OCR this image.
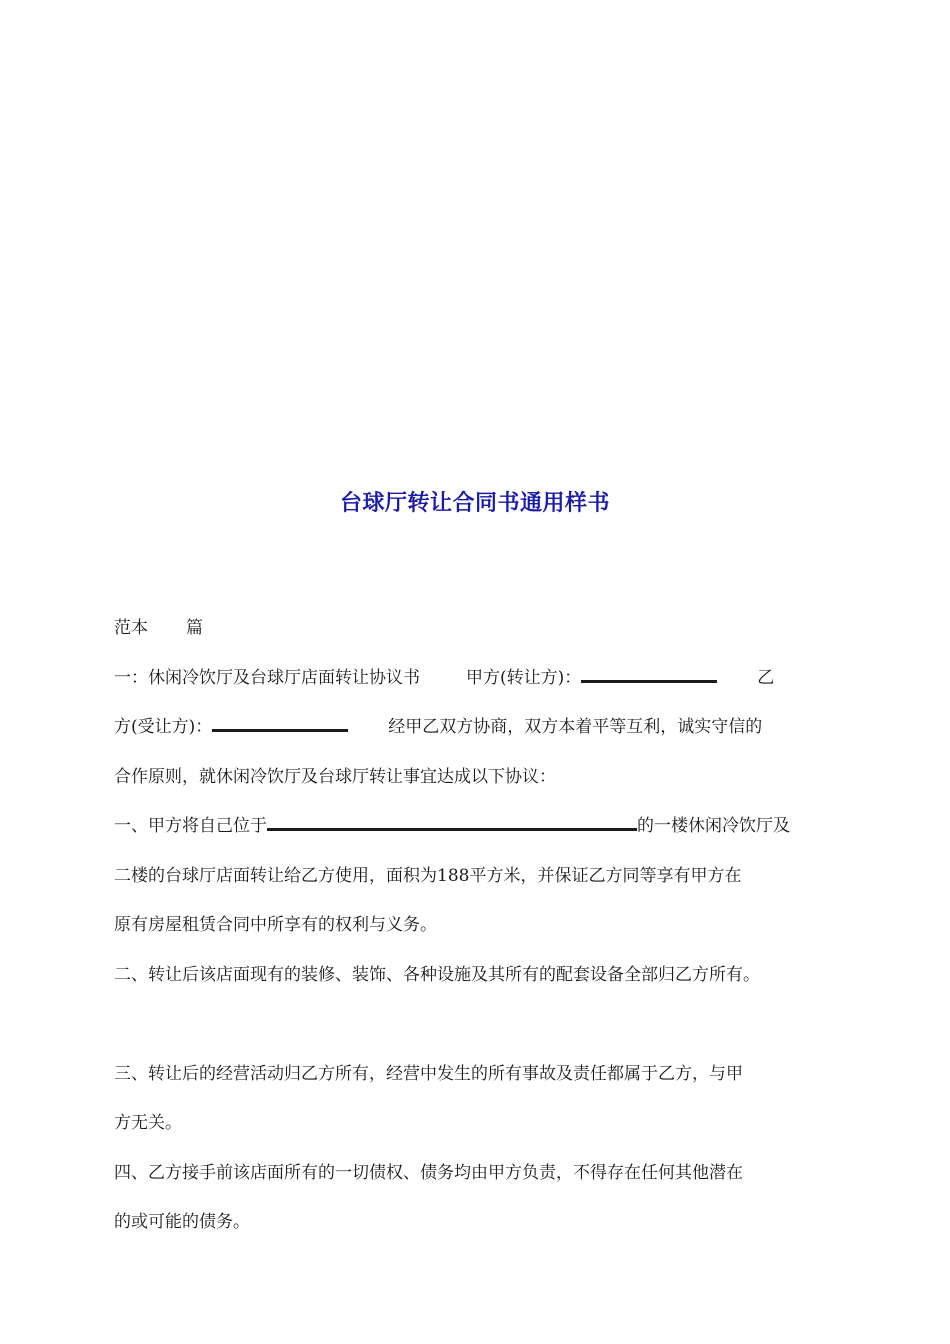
台球厅转让合同书通用样书
范本 篇
一：休闲冷饮厅及台球厅店面转让协议书	甲方(转让方)：	乙
方(受让方)：	经甲乙双方协商，双方本着平等互利，诚实守信的
合作原则，就休闲冷饮厅及台球厅转让事宜达成以下协议：
一、甲方将自己位于	的一楼休闲冷饮厅及
二楼的台球厅店面转让给乙方使用，面积为188平方米，并保证乙方同等享有甲方在
原有房屋租赁合同中所享有的权利与义务。
二、转让后该店面现有的装修、装饰、各种设施及其所有的配套设备全部归乙方所有。
三、转让后的经营活动归乙方所有，经营中发生的所有事故及责任都属于乙方，与甲
方无关。
四、乙方接手前该店面所有的一切债权、债务均由甲方负责，不得存在任何其他潜在
的或可能的债务。
